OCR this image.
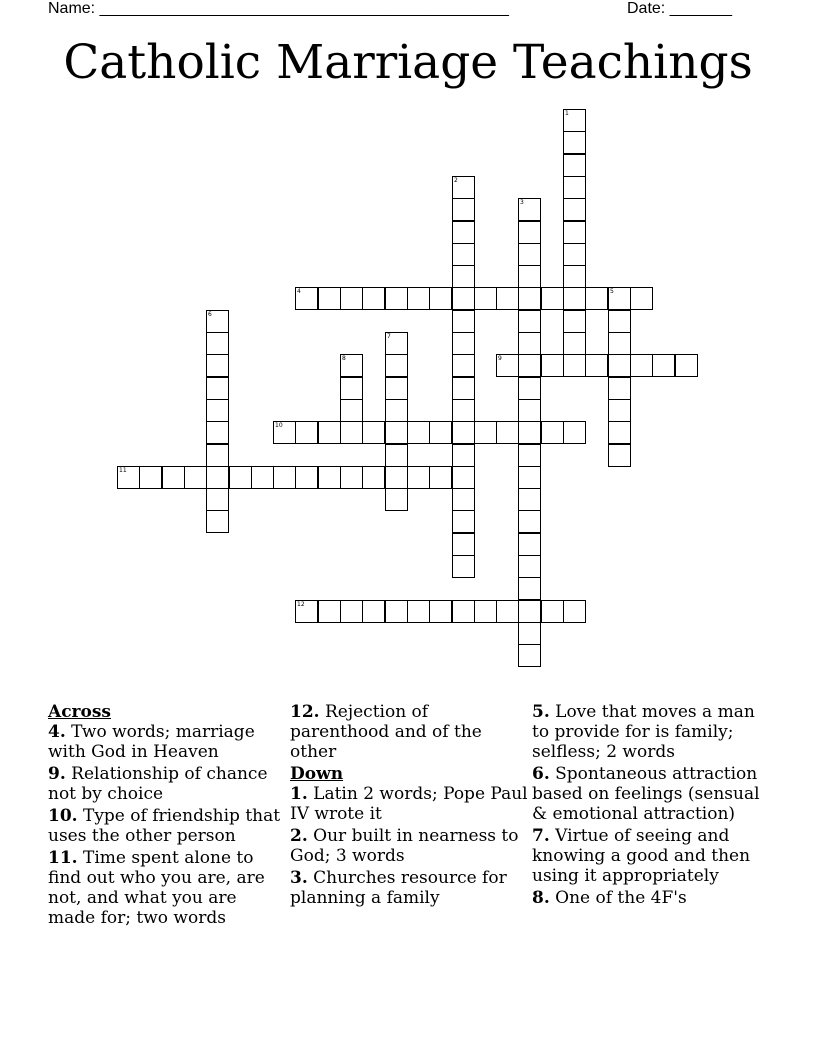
Name: ______________________________________________	Date: _______
Catholic Marriage Teachings
1
2
3
4	5
6
7
8	9
10
11
12
Across

4. Two words; marriage with God in Heaven

9. Relationship of chance not by choice

10. Type of friendship that uses the other person

11. Time spent alone to find out who you are, are not, and what you are made for; two words

12. Rejection of parenthood and of the other

Down

1. Latin 2 words; Pope Paul IV wrote it

2. Our built in nearness to God; 3 words

3. Churches resource for planning a family

5. Love that moves a man to provide for is family; selfless; 2 words

6. Spontaneous attraction based on feelings (sensual & emotional attraction)

7. Virtue of seeing and knowing a good and then using it appropriately

8. One of the 4F's
